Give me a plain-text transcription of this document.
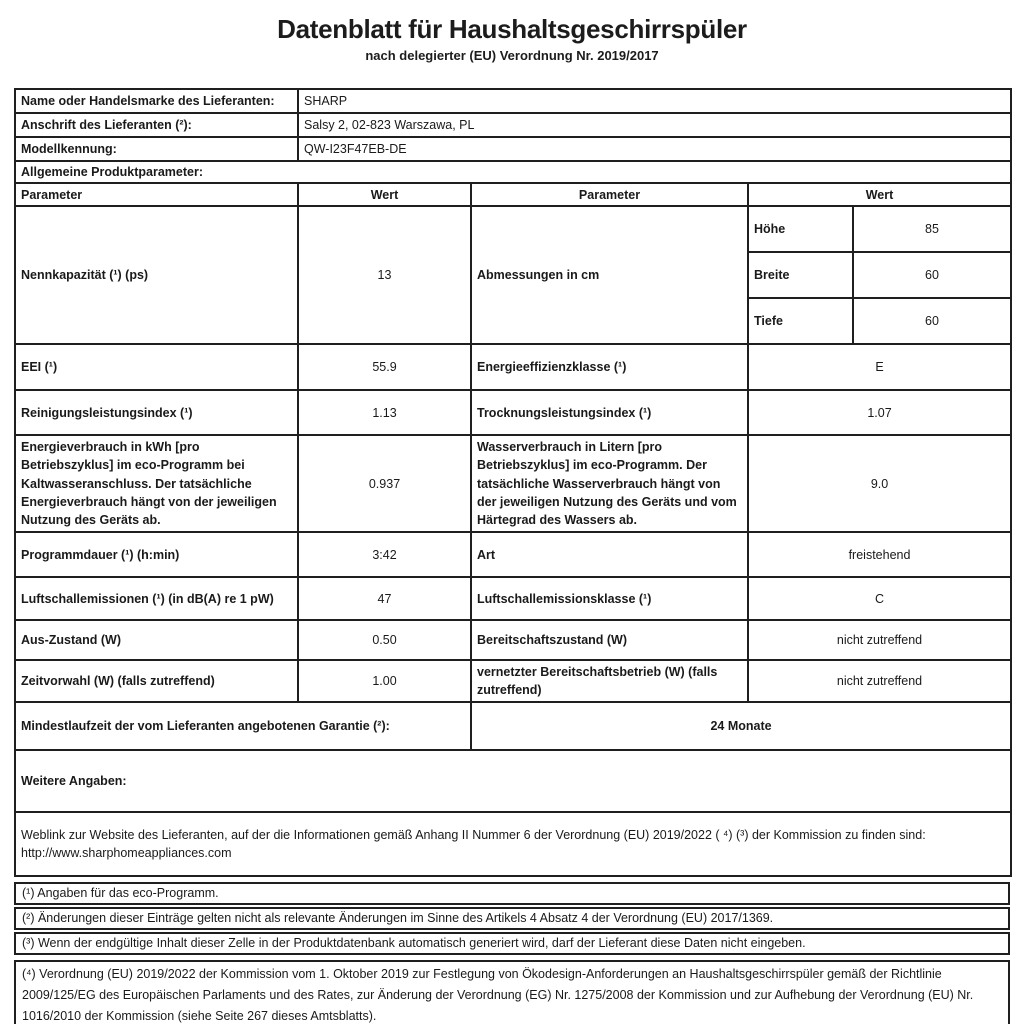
Datenblatt für Haushaltsgeschirrspüler
nach delegierter (EU) Verordnung Nr. 2019/2017
Name oder Handelsmarke des Lieferanten:	SHARP			
Anschrift des Lieferanten (²):	Salsy 2, 02-823 Warszawa, PL			
Modellkennung:	QW-I23F47EB-DE			
Allgemeine Produktparameter:				
Parameter	Wert	Parameter	Wert	
Nennkapazität (¹) (ps)	13	Abmessungen in cm	Höhe	85
			Breite	60
			Tiefe	60
EEI (¹)	55.9	Energieeffizienzklasse (¹)	E	
Reinigungsleistungsindex (¹)	1.13	Trocknungsleistungsindex (¹)	1.07	
Energieverbrauch in kWh [pro Betriebszyklus] im eco-Programm bei Kaltwasseranschluss. Der tatsächliche Energieverbrauch hängt von der jeweiligen Nutzung des Geräts ab.	0.937	Wasserverbrauch in Litern [pro Betriebszyklus] im eco-Programm. Der tatsächliche Wasserverbrauch hängt von der jeweiligen Nutzung des Geräts und vom Härtegrad des Wassers ab.	9.0	
Programmdauer (¹) (h:min)	3:42	Art	freistehend	
Luftschallemissionen (¹) (in dB(A) re 1 pW)	47	Luftschallemissionsklasse (¹)	C	
Aus-Zustand (W)	0.50	Bereitschaftszustand (W)	nicht zutreffend	
Zeitvorwahl (W) (falls zutreffend)	1.00	vernetzter Bereitschaftsbetrieb (W) (falls zutreffend)	nicht zutreffend	
Mindestlaufzeit der vom Lieferanten angebotenen Garantie (²):		24 Monate		
Weitere Angaben:				
Weblink zur Website des Lieferanten, auf der die Informationen gemäß Anhang II Nummer 6 der Verordnung (EU) 2019/2022 ( ⁴) (³) der Kommission zu finden sind: http://www.sharphomeappliances.com				
(¹) Angaben für das eco-Programm.
(²) Änderungen dieser Einträge gelten nicht als relevante Änderungen im Sinne des Artikels 4 Absatz 4 der Verordnung (EU) 2017/1369.
(³) Wenn der endgültige Inhalt dieser Zelle in der Produktdatenbank automatisch generiert wird, darf der Lieferant diese Daten nicht eingeben.
(⁴) Verordnung (EU) 2019/2022 der Kommission vom 1. Oktober 2019 zur Festlegung von Ökodesign-Anforderungen an Haushaltsgeschirrspüler gemäß der Richtlinie 2009/125/EG des Europäischen Parlaments und des Rates, zur Änderung der Verordnung (EG) Nr. 1275/2008 der Kommission und zur Aufhebung der Verordnung (EU) Nr. 1016/2010 der Kommission (siehe Seite 267 dieses Amtsblatts).
